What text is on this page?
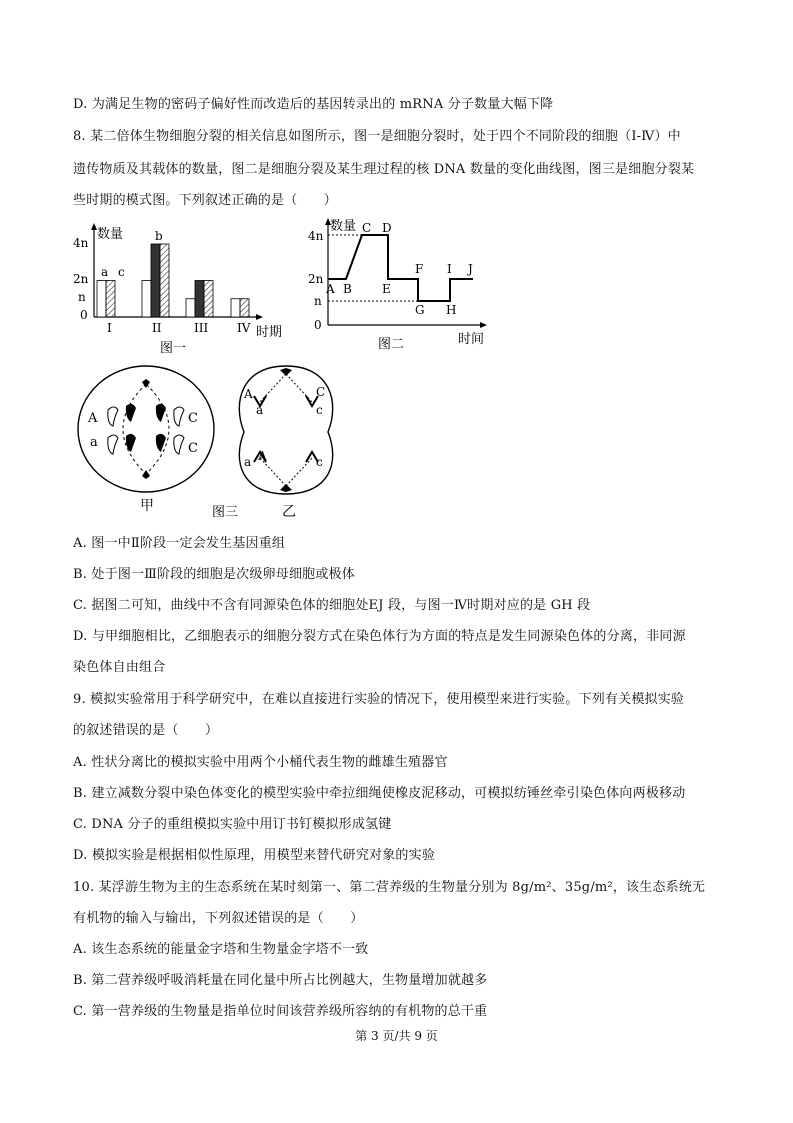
D. 为满足生物的密码子偏好性而改造后的基因转录出的 mRNA 分子数量大幅下降
8. 某二倍体生物细胞分裂的相关信息如图所示，图一是细胞分裂时，处于四个不同阶段的细胞（Ⅰ-Ⅳ）中
遗传物质及其载体的数量，图二是细胞分裂及某生理过程的核 DNA 数量的变化曲线图，图三是细胞分裂某
些时期的模式图。下列叙述正确的是（　　）
数量
4n
2n
n
0
a c
b
I	II	III IV 时期
图一
数量
4n
2n
n
0
A B
C D
E
F
G H
I J
时间
图二
A
a
C
C
甲	图三
A
a
C
c
A
a	c
乙
A. 图一中Ⅱ阶段一定会发生基因重组
B. 处于图一Ⅲ阶段的细胞是次级卵母细胞或极体
C. 据图二可知，曲线中不含有同源染色体的细胞处EJ 段，与图一Ⅳ时期对应的是 GH 段
D. 与甲细胞相比，乙细胞表示的细胞分裂方式在染色体行为方面的特点是发生同源染色体的分离，非同源
染色体自由组合
9. 模拟实验常用于科学研究中，在难以直接进行实验的情况下，使用模型来进行实验。下列有关模拟实验
的叙述错误的是（　　）
A. 性状分离比的模拟实验中用两个小桶代表生物的雌雄生殖器官
B. 建立减数分裂中染色体变化的模型实验中牵拉细绳使橡皮泥移动，可模拟纺锤丝牵引染色体向两极移动
C. DNA 分子的重组模拟实验中用订书钉模拟形成氢键
D. 模拟实验是根据相似性原理，用模型来替代研究对象的实验
10. 某浮游生物为主的生态系统在某时刻第一、第二营养级的生物量分别为 8g/m²、35g/m²，该生态系统无
有机物的输入与输出，下列叙述错误的是（　　）
A. 该生态系统的能量金字塔和生物量金字塔不一致
B. 第二营养级呼吸消耗量在同化量中所占比例越大，生物量增加就越多
C. 第一营养级的生物量是指单位时间该营养级所容纳的有机物的总干重
第 3 页/共 9 页
